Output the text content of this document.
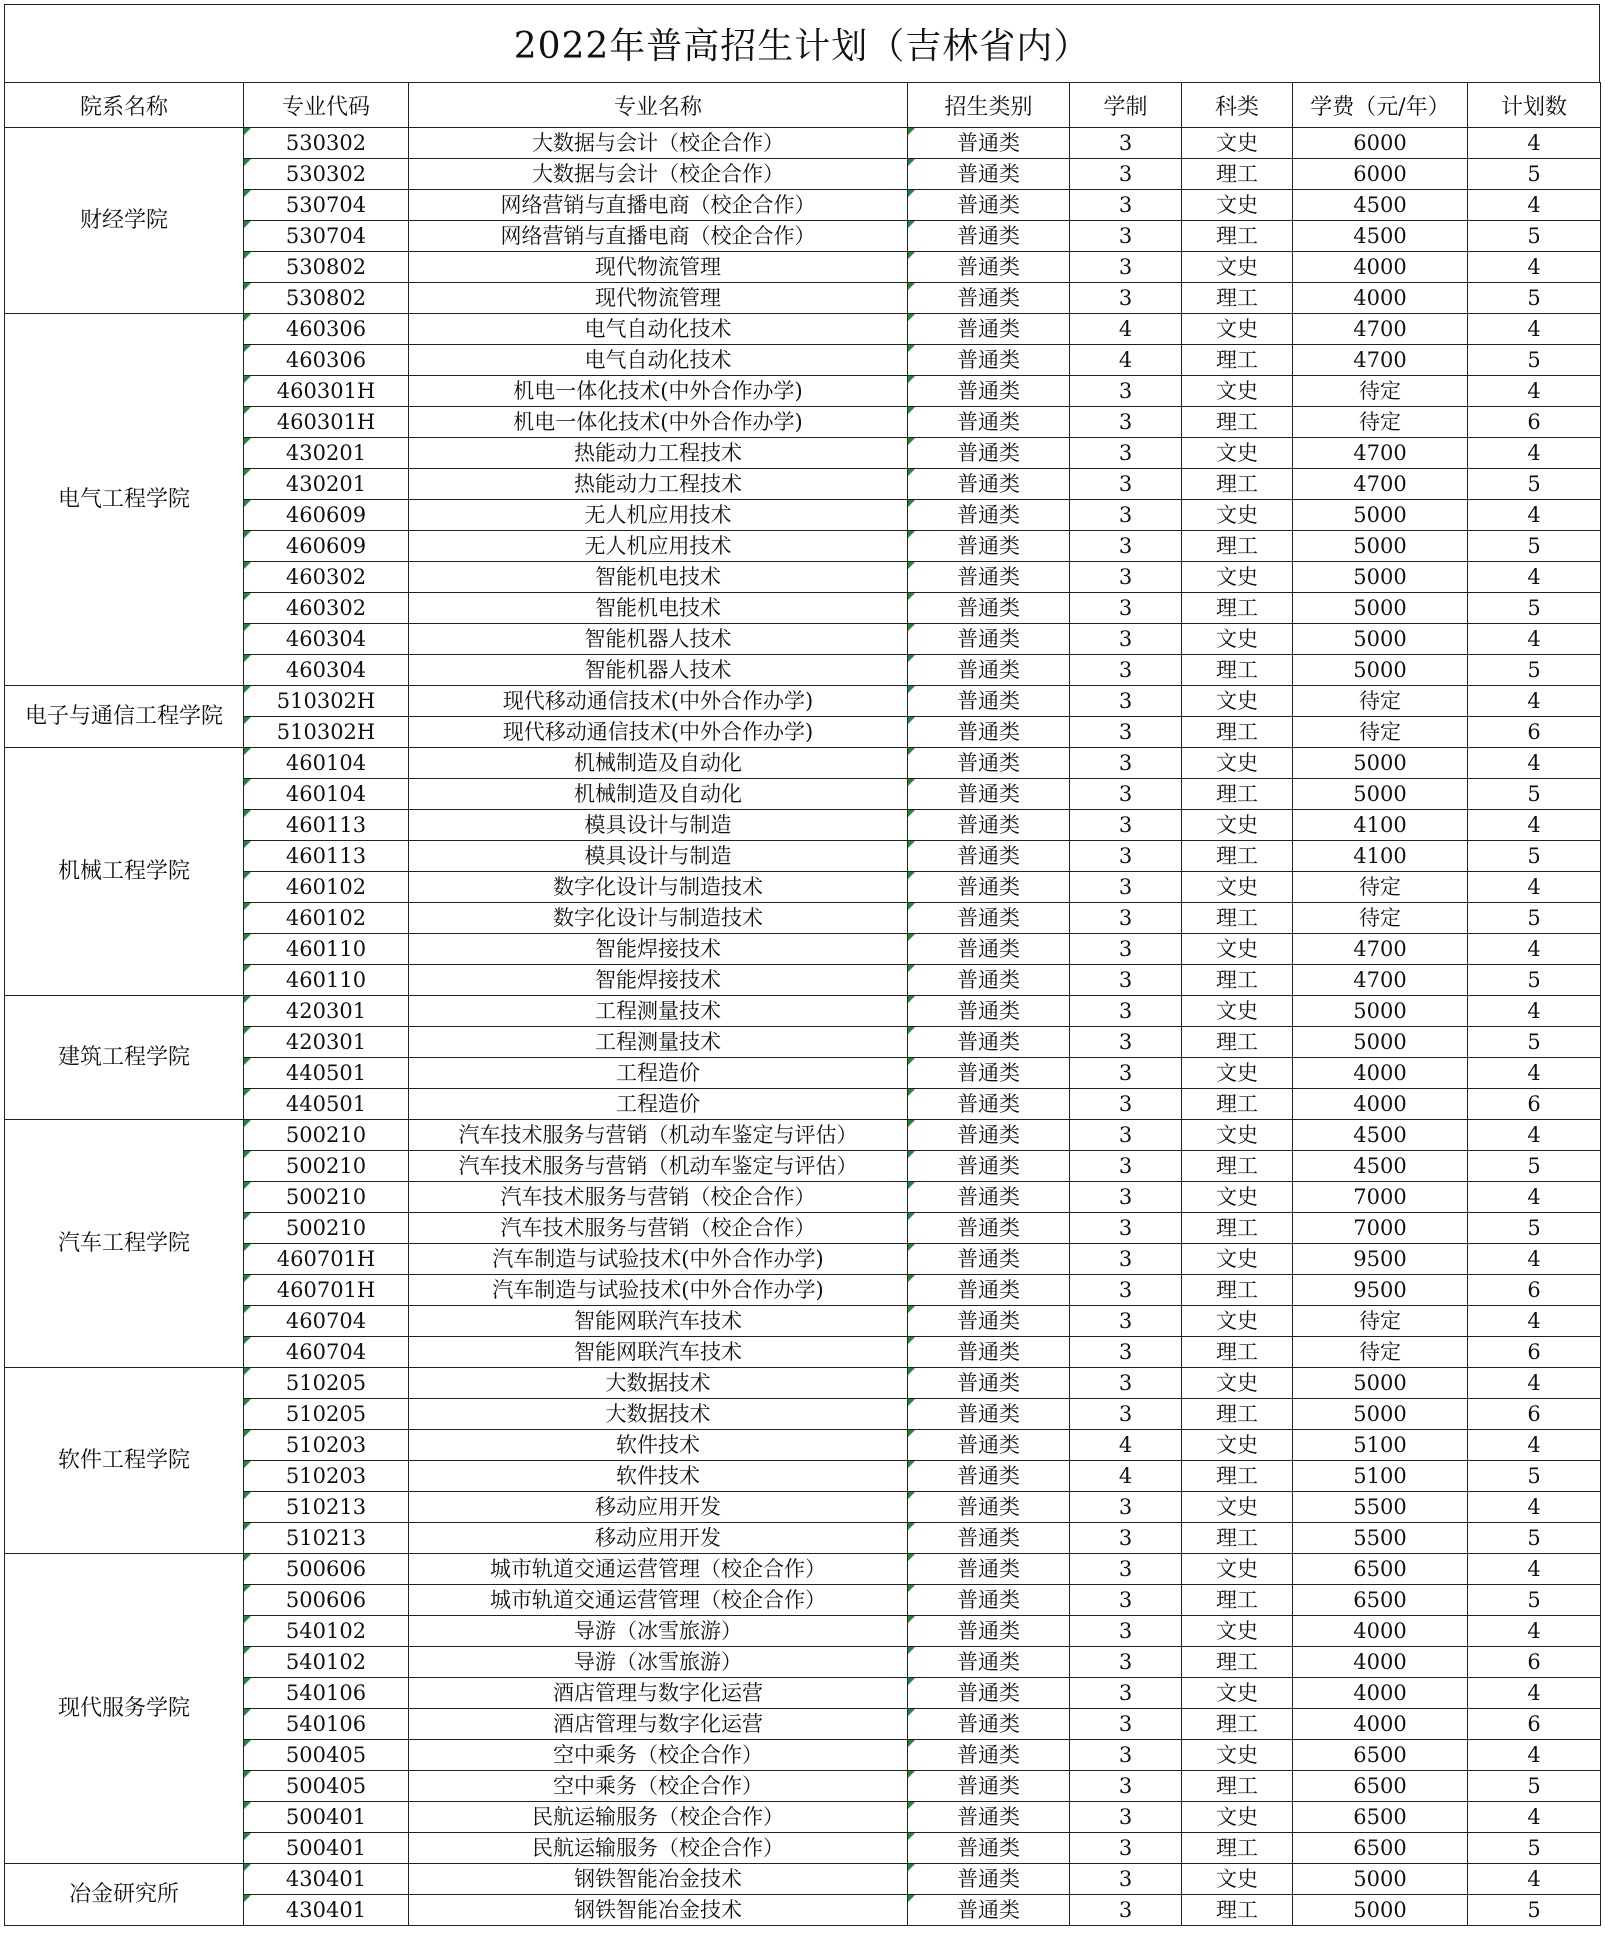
2022年普高招生计划（吉林省内）
院系名称	专业代码	专业名称	招生类别	学制	科类	学费（元/年）	计划数
财经学院	530302	大数据与会计（校企合作）	普通类	3	文史	6000	4
	530302	大数据与会计（校企合作）	普通类	3	理工	6000	5
	530704	网络营销与直播电商（校企合作）	普通类	3	文史	4500	4
	530704	网络营销与直播电商（校企合作）	普通类	3	理工	4500	5
	530802	现代物流管理	普通类	3	文史	4000	4
	530802	现代物流管理	普通类	3	理工	4000	5
电气工程学院	460306	电气自动化技术	普通类	4	文史	4700	4
	460306	电气自动化技术	普通类	4	理工	4700	5
	460301H	机电一体化技术(中外合作办学)	普通类	3	文史	待定	4
	460301H	机电一体化技术(中外合作办学)	普通类	3	理工	待定	6
	430201	热能动力工程技术	普通类	3	文史	4700	4
	430201	热能动力工程技术	普通类	3	理工	4700	5
	460609	无人机应用技术	普通类	3	文史	5000	4
	460609	无人机应用技术	普通类	3	理工	5000	5
	460302	智能机电技术	普通类	3	文史	5000	4
	460302	智能机电技术	普通类	3	理工	5000	5
	460304	智能机器人技术	普通类	3	文史	5000	4
	460304	智能机器人技术	普通类	3	理工	5000	5
电子与通信工程学院	510302H	现代移动通信技术(中外合作办学)	普通类	3	文史	待定	4
	510302H	现代移动通信技术(中外合作办学)	普通类	3	理工	待定	6
机械工程学院	460104	机械制造及自动化	普通类	3	文史	5000	4
	460104	机械制造及自动化	普通类	3	理工	5000	5
	460113	模具设计与制造	普通类	3	文史	4100	4
	460113	模具设计与制造	普通类	3	理工	4100	5
	460102	数字化设计与制造技术	普通类	3	文史	待定	4
	460102	数字化设计与制造技术	普通类	3	理工	待定	5
	460110	智能焊接技术	普通类	3	文史	4700	4
	460110	智能焊接技术	普通类	3	理工	4700	5
建筑工程学院	420301	工程测量技术	普通类	3	文史	5000	4
	420301	工程测量技术	普通类	3	理工	5000	5
	440501	工程造价	普通类	3	文史	4000	4
	440501	工程造价	普通类	3	理工	4000	6
汽车工程学院	500210	汽车技术服务与营销（机动车鉴定与评估）	普通类	3	文史	4500	4
	500210	汽车技术服务与营销（机动车鉴定与评估）	普通类	3	理工	4500	5
	500210	汽车技术服务与营销（校企合作）	普通类	3	文史	7000	4
	500210	汽车技术服务与营销（校企合作）	普通类	3	理工	7000	5
	460701H	汽车制造与试验技术(中外合作办学)	普通类	3	文史	9500	4
	460701H	汽车制造与试验技术(中外合作办学)	普通类	3	理工	9500	6
	460704	智能网联汽车技术	普通类	3	文史	待定	4
	460704	智能网联汽车技术	普通类	3	理工	待定	6
软件工程学院	510205	大数据技术	普通类	3	文史	5000	4
	510205	大数据技术	普通类	3	理工	5000	6
	510203	软件技术	普通类	4	文史	5100	4
	510203	软件技术	普通类	4	理工	5100	5
	510213	移动应用开发	普通类	3	文史	5500	4
	510213	移动应用开发	普通类	3	理工	5500	5
现代服务学院	500606	城市轨道交通运营管理（校企合作）	普通类	3	文史	6500	4
	500606	城市轨道交通运营管理（校企合作）	普通类	3	理工	6500	5
	540102	导游（冰雪旅游）	普通类	3	文史	4000	4
	540102	导游（冰雪旅游）	普通类	3	理工	4000	6
	540106	酒店管理与数字化运营	普通类	3	文史	4000	4
	540106	酒店管理与数字化运营	普通类	3	理工	4000	6
	500405	空中乘务（校企合作）	普通类	3	文史	6500	4
	500405	空中乘务（校企合作）	普通类	3	理工	6500	5
	500401	民航运输服务（校企合作）	普通类	3	文史	6500	4
	500401	民航运输服务（校企合作）	普通类	3	理工	6500	5
冶金研究所	430401	钢铁智能冶金技术	普通类	3	文史	5000	4
	430401	钢铁智能冶金技术	普通类	3	理工	5000	5
